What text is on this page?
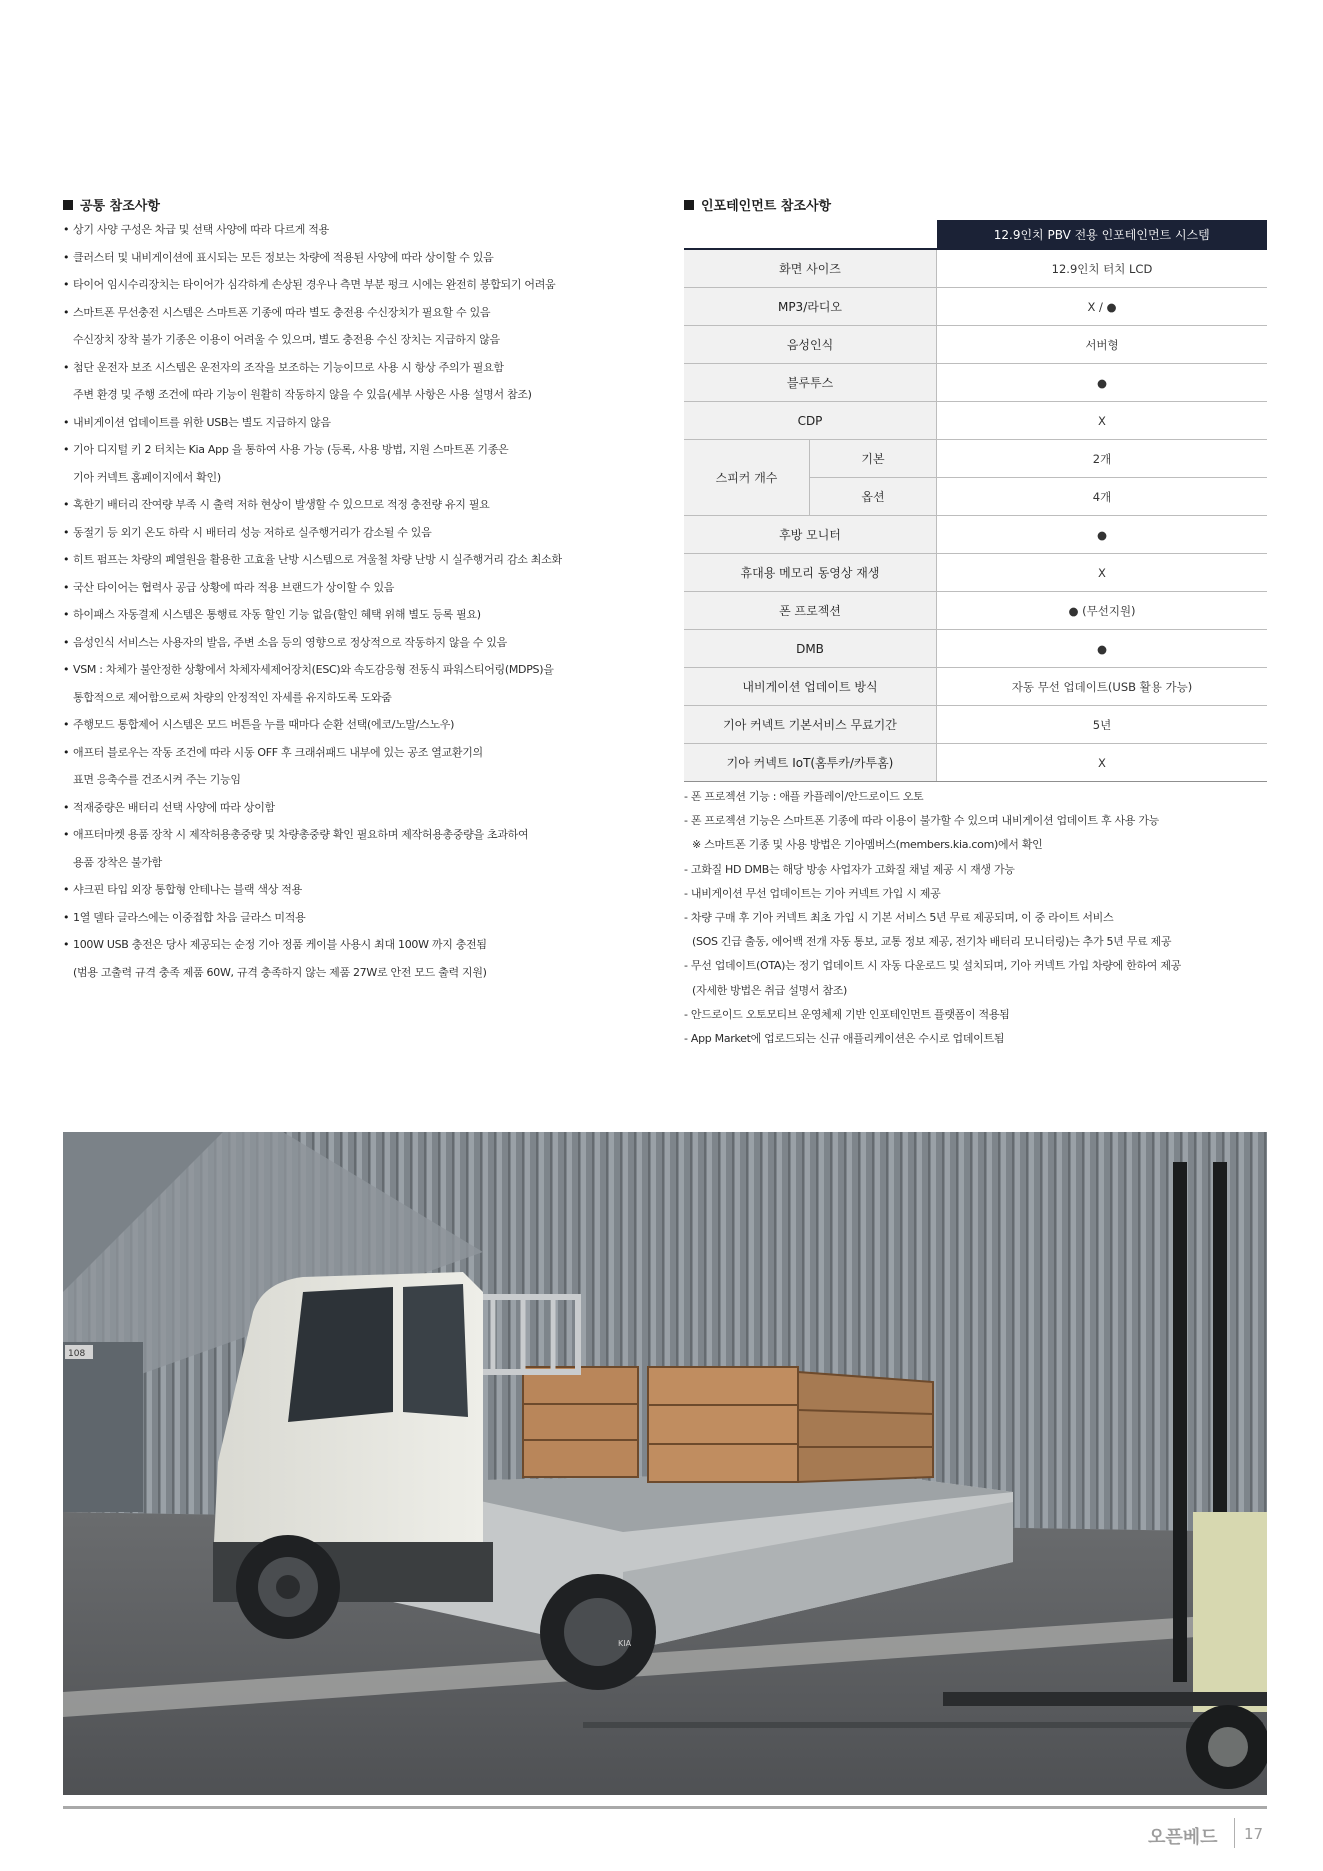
공통 참조사항
• 상기 사양 구성은 차급 및 선택 사양에 따라 다르게 적용
• 클러스터 및 내비게이션에 표시되는 모든 정보는 차량에 적용된 사양에 따라 상이할 수 있음
• 타이어 임시수리장치는 타이어가 심각하게 손상된 경우나 측면 부분 펑크 시에는 완전히 봉합되기 어려움
• 스마트폰 무선충전 시스템은 스마트폰 기종에 따라 별도 충전용 수신장치가 필요할 수 있음
수신장치 장착 불가 기종은 이용이 어려울 수 있으며, 별도 충전용 수신 장치는 지급하지 않음
• 첨단 운전자 보조 시스템은 운전자의 조작을 보조하는 기능이므로 사용 시 항상 주의가 필요함
주변 환경 및 주행 조건에 따라 기능이 원활히 작동하지 않을 수 있음(세부 사항은 사용 설명서 참조)
• 내비게이션 업데이트를 위한 USB는 별도 지급하지 않음
• 기아 디지털 키 2 터치는 Kia App 을 통하여 사용 가능 (등록, 사용 방법, 지원 스마트폰 기종은
기아 커넥트 홈페이지에서 확인)
• 혹한기 배터리 잔여량 부족 시 출력 저하 현상이 발생할 수 있으므로 적정 충전량 유지 필요
• 동절기 등 외기 온도 하락 시 배터리 성능 저하로 실주행거리가 감소될 수 있음
• 히트 펌프는 차량의 폐열원을 활용한 고효율 난방 시스템으로 겨울철 차량 난방 시 실주행거리 감소 최소화
• 국산 타이어는 협력사 공급 상황에 따라 적용 브랜드가 상이할 수 있음
• 하이패스 자동결제 시스템은 통행료 자동 할인 기능 없음(할인 혜택 위해 별도 등록 필요)
• 음성인식 서비스는 사용자의 발음, 주변 소음 등의 영향으로 정상적으로 작동하지 않을 수 있음
• VSM : 차체가 불안정한 상황에서 차체자세제어장치(ESC)와 속도감응형 전동식 파워스티어링(MDPS)을
통합적으로 제어함으로써 차량의 안정적인 자세를 유지하도록 도와줌
• 주행모드 통합제어 시스템은 모드 버튼을 누를 때마다 순환 선택(에코/노말/스노우)
• 애프터 블로우는 작동 조건에 따라 시동 OFF 후 크래쉬패드 내부에 있는 공조 열교환기의
표면 응축수를 건조시켜 주는 기능임
• 적재중량은 배터리 선택 사양에 따라 상이함
• 애프터마켓 용품 장착 시 제작허용총중량 및 차량총중량 확인 필요하며 제작허용총중량을 초과하여
용품 장착은 불가함
• 샤크핀 타입 외장 통합형 안테나는 블랙 색상 적용
• 1열 델타 글라스에는 이중접합 차음 글라스 미적용
• 100W USB 충전은 당사 제공되는 순정 기아 정품 케이블 사용시 최대 100W 까지 충전됨
(범용 고출력 규격 충족 제품 60W, 규격 충족하지 않는 제품 27W로 안전 모드 출력 지원)
인포테인먼트 참조사항
		12.9인치 PBV 전용 인포테인먼트 시스템
화면 사이즈		12.9인치 터치 LCD
MP3/라디오		X / ●
음성인식		서버형
블루투스		●
CDP		X
스피커 개수	기본	2개
	옵션	4개
후방 모니터		●
휴대용 메모리 동영상 재생		X
폰 프로젝션		● (무선지원)
DMB		●
내비게이션 업데이트 방식		자동 무선 업데이트(USB 활용 가능)
기아 커넥트 기본서비스 무료기간		5년
기아 커넥트 IoT(홈투카/카투홈)		X
- 폰 프로젝션 기능 : 애플 카플레이/안드로이드 오토
- 폰 프로젝션 기능은 스마트폰 기종에 따라 이용이 불가할 수 있으며 내비게이션 업데이트 후 사용 가능
※ 스마트폰 기종 및 사용 방법은 기아멤버스(members.kia.com)에서 확인
- 고화질 HD DMB는 해당 방송 사업자가 고화질 채널 제공 시 재생 가능
- 내비게이션 무선 업데이트는 기아 커넥트 가입 시 제공
- 차량 구매 후 기아 커넥트 최초 가입 시 기본 서비스 5년 무료 제공되며, 이 중 라이트 서비스
(SOS 긴급 출동, 에어백 전개 자동 통보, 교통 정보 제공, 전기차 배터리 모니터링)는 추가 5년 무료 제공
- 무선 업데이트(OTA)는 정기 업데이트 시 자동 다운로드 및 설치되며, 기아 커넥트 가입 차량에 한하여 제공
(자세한 방법은 취급 설명서 참조)
- 안드로이드 오토모티브 운영체제 기반 인포테인먼트 플랫폼이 적용됨
- App Market에 업로드되는 신규 애플리케이션은 수시로 업데이트됨
108
KIA
오픈베드 17
